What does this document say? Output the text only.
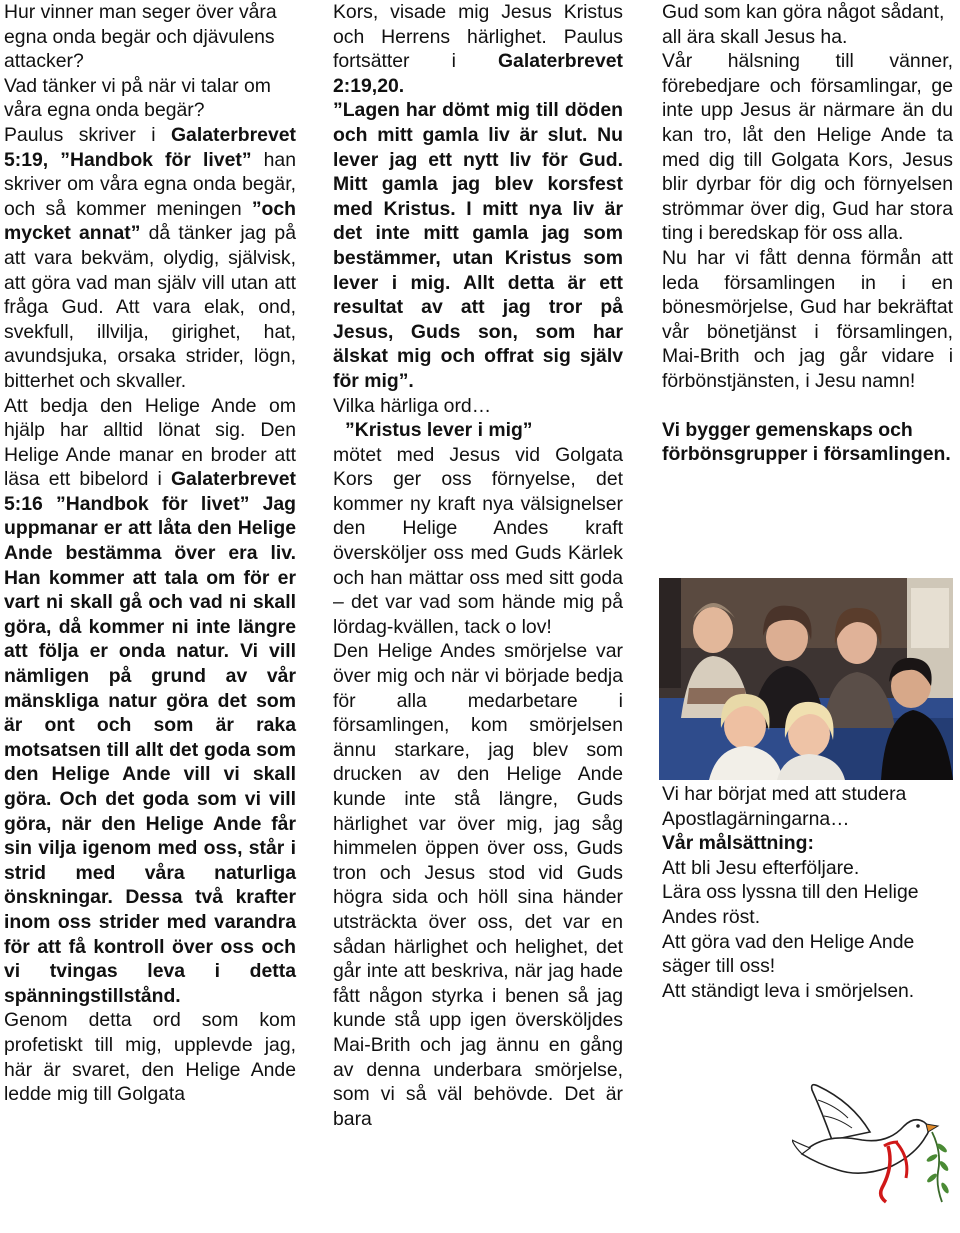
Hur vinner man seger över våra egna onda begär och djävulens attacker?

Vad tänker vi på när vi talar om våra egna onda begär?

Paulus skriver i Galaterbrevet 5:19, ”Handbok för livet” han skriver om våra egna onda begär, och så kommer meningen ”och mycket annat” då tänker jag på att vara bekväm, olydig, självisk, att göra vad man själv vill utan att fråga Gud. Att vara elak, ond, svekfull, illvilja, girighet, hat, avundsjuka, orsaka strider, lögn, bitterhet och skvaller.

Att bedja den Helige Ande om hjälp har alltid lönat sig. Den Helige Ande manar en broder att läsa ett bibelord i Galaterbrevet 5:16 ”Handbok för livet” Jag uppmanar er att låta den Helige Ande bestämma över era liv. Han kommer att tala om för er vart ni skall gå och vad ni skall göra, då kommer ni inte längre att följa er onda natur. Vi vill nämligen på grund av vår mänskliga natur göra det som är ont och som är raka motsatsen till allt det goda som den Helige Ande vill vi skall göra. Och det goda som vi vill göra, när den Helige Ande får sin vilja igenom med oss, står i strid med våra naturliga önskningar. Dessa två krafter inom oss strider med varandra för att få kontroll över oss och vi tvingas leva i detta spänningstillstånd.

Genom detta ord som kom profetiskt till mig, upplevde jag, här är svaret, den Helige Ande ledde mig till Golgata

Kors, visade mig Jesus Kristus och Herrens härlighet. Paulus fortsätter i Galaterbrevet 2:19,20.

”Lagen har dömt mig till döden och mitt gamla liv är slut. Nu lever jag ett nytt liv för Gud. Mitt gamla jag blev korsfest med Kristus. I mitt nya liv är det inte mitt gamla jag som bestämmer, utan Kristus som lever i mig. Allt detta är ett resultat av att jag tror på Jesus, Guds son, som har älskat mig och offrat sig själv för mig”.

Vilka härliga ord…

”Kristus lever i mig”

mötet med Jesus vid Golgata Kors ger oss förnyelse, det kommer ny kraft nya välsignelser den Helige Andes kraft översköljer oss med Guds Kärlek och han mättar oss med sitt goda – det var vad som hände mig på lördag-kvällen, tack o lov!

Den Helige Andes smörjelse var över mig och när vi började bedja för alla medarbetare i församlingen, kom smörjelsen ännu starkare, jag blev som drucken av den Helige Ande kunde inte stå längre, Guds härlighet var över mig, jag såg himmelen öppen över oss, Guds tron och Jesus stod vid Guds högra sida och höll sina händer utsträckta över oss, det var en sådan härlighet och helighet, det går inte att beskriva, när jag hade fått någon styrka i benen så jag kunde stå upp igen översköljdes Mai-Brith och jag ännu en gång av denna underbara smörjelse, som vi så väl behövde. Det är bara

Gud som kan göra något sådant, all ära skall Jesus ha.

Vår hälsning till vänner, förebedjare och församlingar, ge inte upp Jesus är närmare än du kan tro, låt den Helige Ande ta med dig till Golgata Kors, Jesus blir dyrbar för dig och förnyelsen strömmar över dig, Gud har stora ting i beredskap för oss alla.

Nu har vi fått denna förmån att leda församlingen in i en bönesmörjelse, Gud har bekräftat vår bönetjänst i församlingen, Mai-Brith och jag går vidare i förbönstjänsten, i Jesu namn!

Vi bygger gemenskaps och förbönsgrupper i församlingen.

Vi har börjat med att studera Apostlagärningarna…

Vår målsättning:

Att bli Jesu efterföljare.

Lära oss lyssna till den Helige Andes röst.

Att göra vad den Helige Ande säger till oss!

Att ständigt leva i smörjelsen.
